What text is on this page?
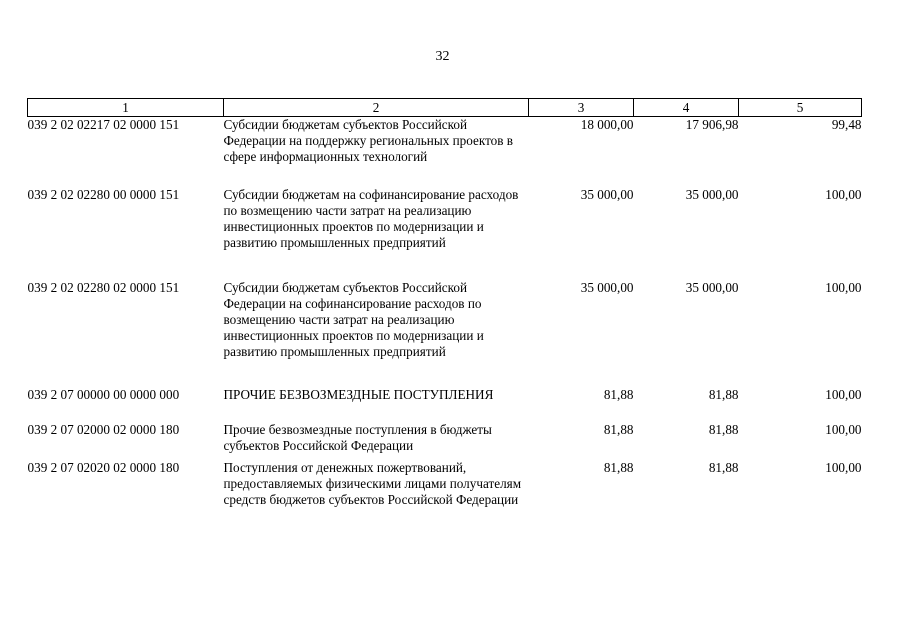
32
1	2	3	4	5
039 2 02 02217 02 0000 151	Субсидии бюджетам субъектов Российской Федерации на поддержку региональных проектов в сфере информационных технологий	18 000,00	17 906,98	99,48
039 2 02 02280 00 0000 151	Субсидии бюджетам на софинансирование расходов по возмещению части затрат на реализацию инвестиционных проектов по модернизации и развитию промышленных предприятий	35 000,00	35 000,00	100,00
039 2 02 02280 02 0000 151	Субсидии бюджетам субъектов Российской Федерации на софинансирование расходов по возмещению части затрат на реализацию инвестиционных проектов по модернизации и развитию промышленных предприятий	35 000,00	35 000,00	100,00
039 2 07 00000 00 0000 000	ПРОЧИЕ БЕЗВОЗМЕЗДНЫЕ ПОСТУПЛЕНИЯ	81,88	81,88	100,00
039 2 07 02000 02 0000 180	Прочие безвозмездные поступления в бюджеты субъектов Российской Федерации	81,88	81,88	100,00
039 2 07 02020 02 0000 180	Поступления от денежных пожертвований, предоставляемых физическими лицами получателям средств бюджетов субъектов Российской Федерации	81,88	81,88	100,00
